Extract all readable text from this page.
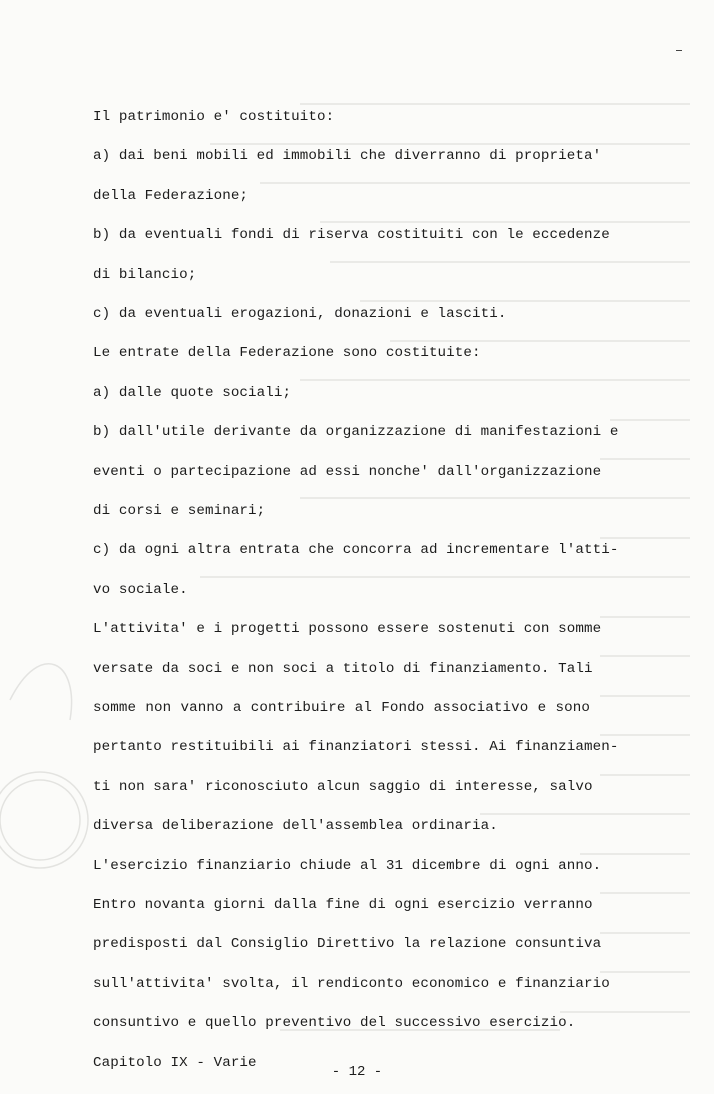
Il patrimonio e' costituito:
a) dai beni mobili ed immobili che diverranno di proprieta'
della Federazione;
b) da eventuali fondi di riserva costituiti con le eccedenze
di bilancio;
c) da eventuali erogazioni, donazioni e lasciti.
Le entrate della Federazione sono costituite:
a) dalle quote sociali;
b) dall'utile derivante da organizzazione di manifestazioni e
eventi o partecipazione ad essi nonche' dall'organizzazione
di corsi e seminari;
c) da ogni altra entrata che concorra ad incrementare l'atti-
vo sociale.
L'attivita' e i progetti possono essere sostenuti con somme
versate da soci e non soci a titolo di finanziamento. Tali
somme non vanno a contribuire al Fondo associativo e sono
pertanto restituibili ai finanziatori stessi. Ai finanziamen-
ti non sara' riconosciuto alcun saggio di interesse, salvo
diversa deliberazione dell'assemblea ordinaria.
L'esercizio finanziario chiude al 31 dicembre di ogni anno.
Entro novanta giorni dalla fine di ogni esercizio verranno
predisposti dal Consiglio Direttivo la relazione consuntiva
sull'attivita' svolta, il rendiconto economico e finanziario
consuntivo e quello preventivo del successivo esercizio.
Capitolo IX - Varie
- 12 -
